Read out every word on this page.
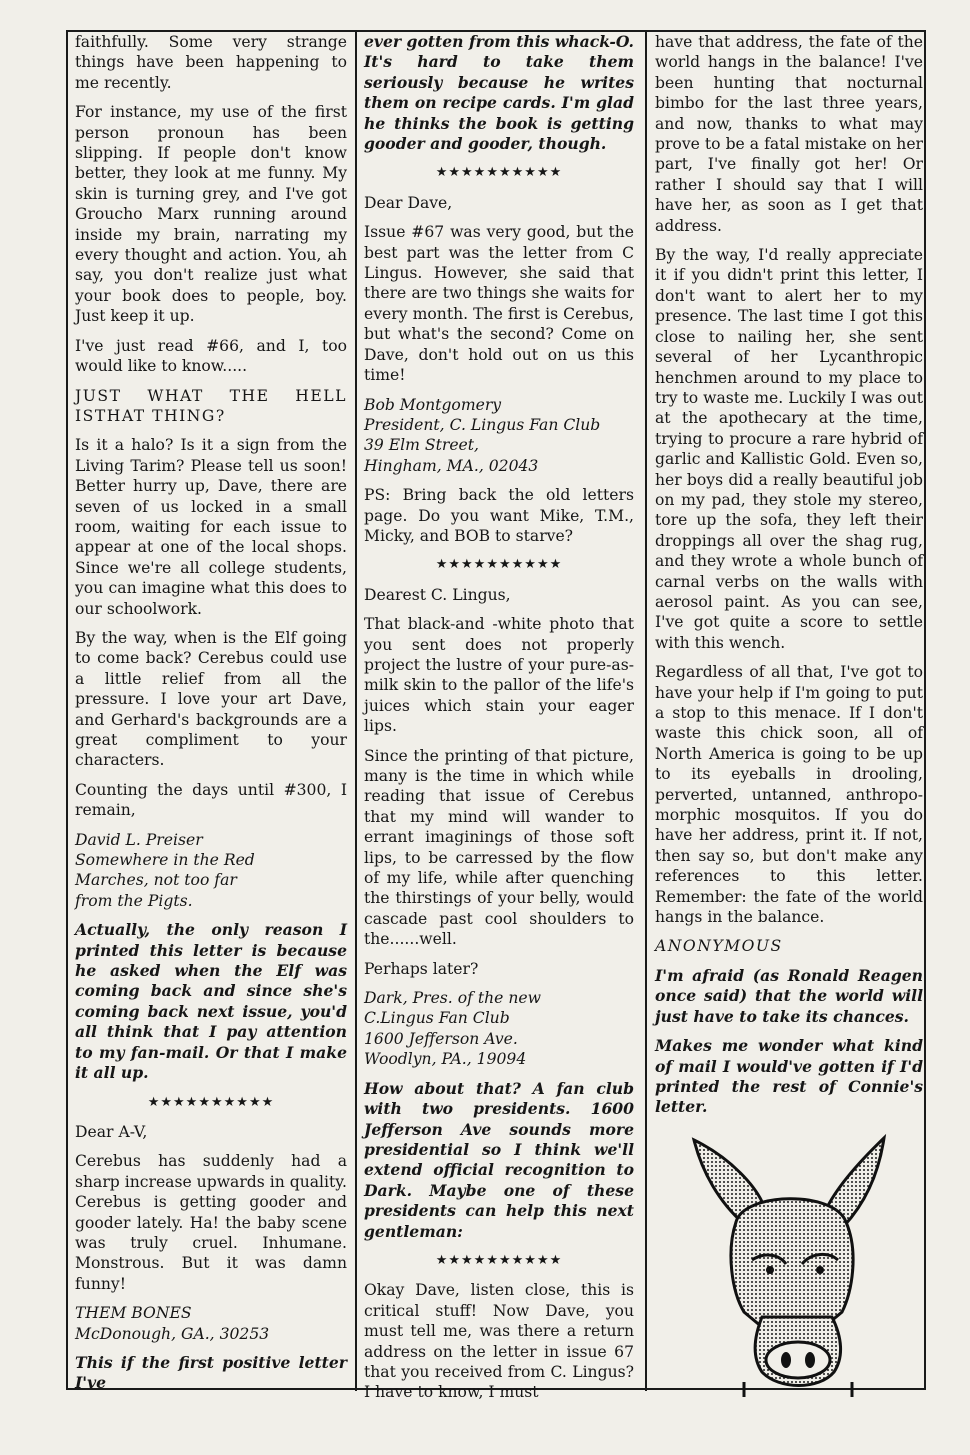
faithfully. Some very strange things have been happening to me recently.

For instance, my use of the first person pronoun has been slipping. If people don't know better, they look at me funny. My skin is turning grey, and I've got Groucho Marx running around inside my brain, narrating my every thought and action. You, ah say, you don't realize just what your book does to people, boy. Just keep it up.

I've just read #66, and I, too would like to know.....

JUST WHAT THE HELL ISTHAT THING?

Is it a halo? Is it a sign from the Living Tarim? Please tell us soon! Better hurry up, Dave, there are seven of us locked in a small room, waiting for each issue to appear at one of the local shops. Since we're all college students, you can imagine what this does to our schoolwork.

By the way, when is the Elf going to come back? Cerebus could use a little relief from all the pressure. I love your art Dave, and Gerhard's backgrounds are a great compliment to your characters.

Counting the days until #300, I remain,

David L. Preiser
Somewhere in the Red
Marches, not too far
from the Pigts.

Actually, the only reason I printed this letter is because he asked when the Elf was coming back and since she's coming back next issue, you'd all think that I pay attention to my fan-mail. Or that I make it all up.

★★★★★★★★★★

Dear A-V,

Cerebus has suddenly had a sharp increase upwards in quality. Cerebus is getting gooder and gooder lately. Ha! the baby scene was truly cruel. Inhumane. Monstrous. But it was damn funny!

THEM BONES
McDonough, GA., 30253

This if the first positive letter I've

ever gotten from this whack-O. It's hard to take them seriously because he writes them on recipe cards. I'm glad he thinks the book is getting gooder and gooder, though.

★★★★★★★★★★

Dear Dave,

Issue #67 was very good, but the best part was the letter from C Lingus. However, she said that there are two things she waits for every month. The first is Cerebus, but what's the second? Come on Dave, don't hold out on us this time!

Bob Montgomery
President, C. Lingus Fan Club
39 Elm Street,
Hingham, MA., 02043

PS: Bring back the old letters page. Do you want Mike, T.M., Micky, and BOB to starve?

★★★★★★★★★★

Dearest C. Lingus,

That black-and -white photo that you sent does not properly project the lustre of your pure-as-milk skin to the pallor of the life's juices which stain your eager lips.

Since the printing of that picture, many is the time in which while reading that issue of Cerebus that my mind will wander to errant imaginings of those soft lips, to be carressed by the flow of my life, while after quenching the thirstings of your belly, would cascade past cool shoulders to the......well.

Perhaps later?

Dark, Pres. of the new
C.Lingus Fan Club
1600 Jefferson Ave.
Woodlyn, PA., 19094

How about that? A fan club with two presidents. 1600 Jefferson Ave sounds more presidential so I think we'll extend official recognition to Dark. Maybe one of these presidents can help this next gentleman:

★★★★★★★★★★

Okay Dave, listen close, this is critical stuff! Now Dave, you must tell me, was there a return address on the letter in issue 67 that you received from C. Lingus? I have to know, I must

have that address, the fate of the world hangs in the balance! I've been hunting that nocturnal bimbo for the last three years, and now, thanks to what may prove to be a fatal mistake on her part, I've finally got her! Or rather I should say that I will have her, as soon as I get that address.

By the way, I'd really appreciate it if you didn't print this letter, I don't want to alert her to my presence. The last time I got this close to nailing her, she sent several of her Lycanthropic henchmen around to my place to try to waste me. Luckily I was out at the apothecary at the time, trying to procure a rare hybrid of garlic and Kallistic Gold. Even so, her boys did a really beautiful job on my pad, they stole my stereo, tore up the sofa, they left their droppings all over the shag rug, and they wrote a whole bunch of carnal verbs on the walls with aerosol paint. As you can see, I've got quite a score to settle with this wench.

Regardless of all that, I've got to have your help if I'm going to put a stop to this menace. If I don't waste this chick soon, all of North America is going to be up to its eyeballs in drooling, perverted, untanned, anthropo-morphic mosquitos. If you do have her address, print it. If not, then say so, but don't make any references to this letter. Remember: the fate of the world hangs in the balance.

ANONYMOUS

I'm afraid (as Ronald Reagen once said) that the world will just have to take its chances.

Makes me wonder what kind of mail I would've gotten if I'd printed the rest of Connie's letter.
